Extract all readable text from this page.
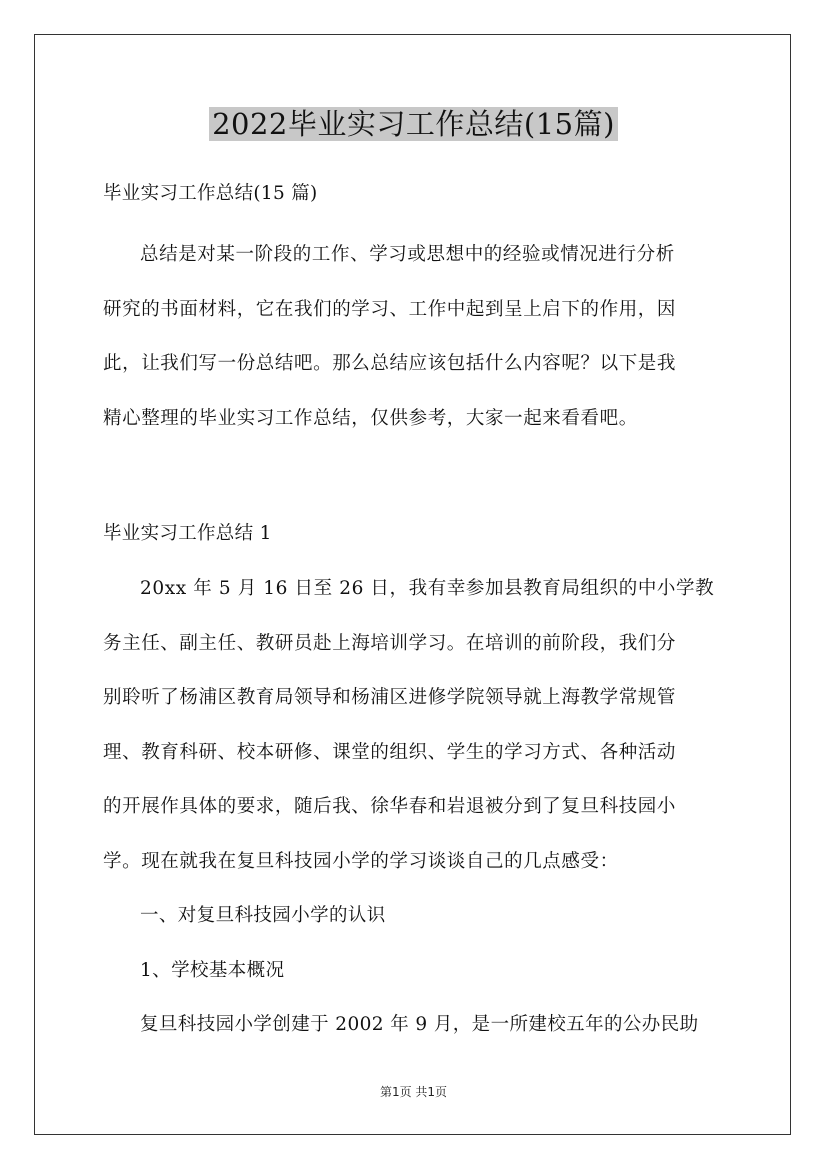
2022毕业实习工作总结(15篇)
毕业实习工作总结(15 篇)
总结是对某一阶段的工作、学习或思想中的经验或情况进行分析
研究的书面材料，它在我们的学习、工作中起到呈上启下的作用，因
此，让我们写一份总结吧。那么总结应该包括什么内容呢？以下是我
精心整理的毕业实习工作总结，仅供参考，大家一起来看看吧。
毕业实习工作总结 1
20xx 年 5 月 16 日至 26 日，我有幸参加县教育局组织的中小学教
务主任、副主任、教研员赴上海培训学习。在培训的前阶段，我们分
别聆听了杨浦区教育局领导和杨浦区进修学院领导就上海教学常规管
理、教育科研、校本研修、课堂的组织、学生的学习方式、各种活动
的开展作具体的要求，随后我、徐华春和岩退被分到了复旦科技园小
学。现在就我在复旦科技园小学的学习谈谈自己的几点感受：
一、对复旦科技园小学的认识
1、学校基本概况
复旦科技园小学创建于 2002 年 9 月，是一所建校五年的公办民助
第1页 共1页
